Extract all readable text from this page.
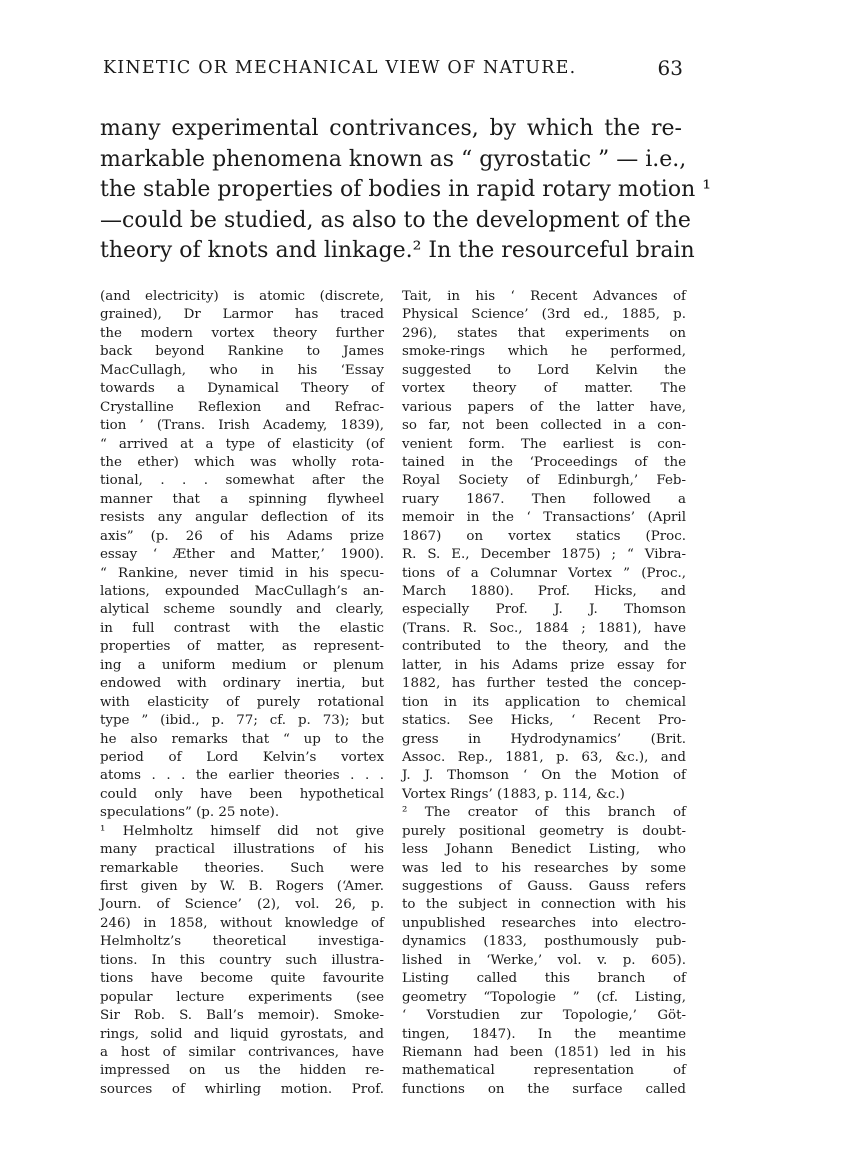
KINETIC OR MECHANICAL VIEW OF NATURE.	63
many experimental contrivances, by which the re-
markable phenomena known as “ gyrostatic ” — i.e.,
the stable properties of bodies in rapid rotary motion ¹
—could be studied, as also to the development of the
theory of knots and linkage.² In the resourceful brain
(and electricity) is atomic (discrete,
grained), Dr Larmor has traced
the modern vortex theory further
back beyond Rankine to James
MacCullagh, who in his ‘Essay
towards a Dynamical Theory of
Crystalline Reflexion and Refrac-
tion ’ (Trans. Irish Academy, 1839),
“ arrived at a type of elasticity (of
the ether) which was wholly rota-
tional, . . . somewhat after the
manner that a spinning flywheel
resists any angular deflection of its
axis” (p. 26 of his Adams prize
essay ‘ Æther and Matter,’ 1900).
“ Rankine, never timid in his specu-
lations, expounded MacCullagh’s an-
alytical scheme soundly and clearly,
in full contrast with the elastic
properties of matter, as represent-
ing a uniform medium or plenum
endowed with ordinary inertia, but
with elasticity of purely rotational
type ” (ibid., p. 77; cf. p. 73); but
he also remarks that “ up to the
period of Lord Kelvin’s vortex
atoms . . . the earlier theories . . .
could only have been hypothetical
speculations” (p. 25 note).
¹ Helmholtz himself did not give
many practical illustrations of his
remarkable theories. Such were
first given by W. B. Rogers (‘Amer.
Journ. of Science’ (2), vol. 26, p.
246) in 1858, without knowledge of
Helmholtz’s theoretical investiga-
tions. In this country such illustra-
tions have become quite favourite
popular lecture experiments (see
Sir Rob. S. Ball’s memoir). Smoke-
rings, solid and liquid gyrostats, and
a host of similar contrivances, have
impressed on us the hidden re-
sources of whirling motion. Prof.
Tait, in his ‘ Recent Advances of
Physical Science’ (3rd ed., 1885, p.
296), states that experiments on
smoke-rings which he performed,
suggested to Lord Kelvin the
vortex theory of matter. The
various papers of the latter have,
so far, not been collected in a con-
venient form. The earliest is con-
tained in the ‘Proceedings of the
Royal Society of Edinburgh,’ Feb-
ruary 1867. Then followed a
memoir in the ‘ Transactions’ (April
1867) on vortex statics (Proc.
R. S. E., December 1875) ; “ Vibra-
tions of a Columnar Vortex ” (Proc.,
March 1880). Prof. Hicks, and
especially Prof. J. J. Thomson
(Trans. R. Soc., 1884 ; 1881), have
contributed to the theory, and the
latter, in his Adams prize essay for
1882, has further tested the concep-
tion in its application to chemical
statics. See Hicks, ‘ Recent Pro-
gress in Hydrodynamics’ (Brit.
Assoc. Rep., 1881, p. 63, &c.), and
J. J. Thomson ‘ On the Motion of
Vortex Rings’ (1883, p. 114, &c.)
² The creator of this branch of
purely positional geometry is doubt-
less Johann Benedict Listing, who
was led to his researches by some
suggestions of Gauss. Gauss refers
to the subject in connection with his
unpublished researches into electro-
dynamics (1833, posthumously pub-
lished in ‘Werke,’ vol. v. p. 605).
Listing called this branch of
geometry “Topologie ” (cf. Listing,
‘ Vorstudien zur Topologie,’ Göt-
tingen, 1847). In the meantime
Riemann had been (1851) led in his
mathematical representation of
functions on the surface called
